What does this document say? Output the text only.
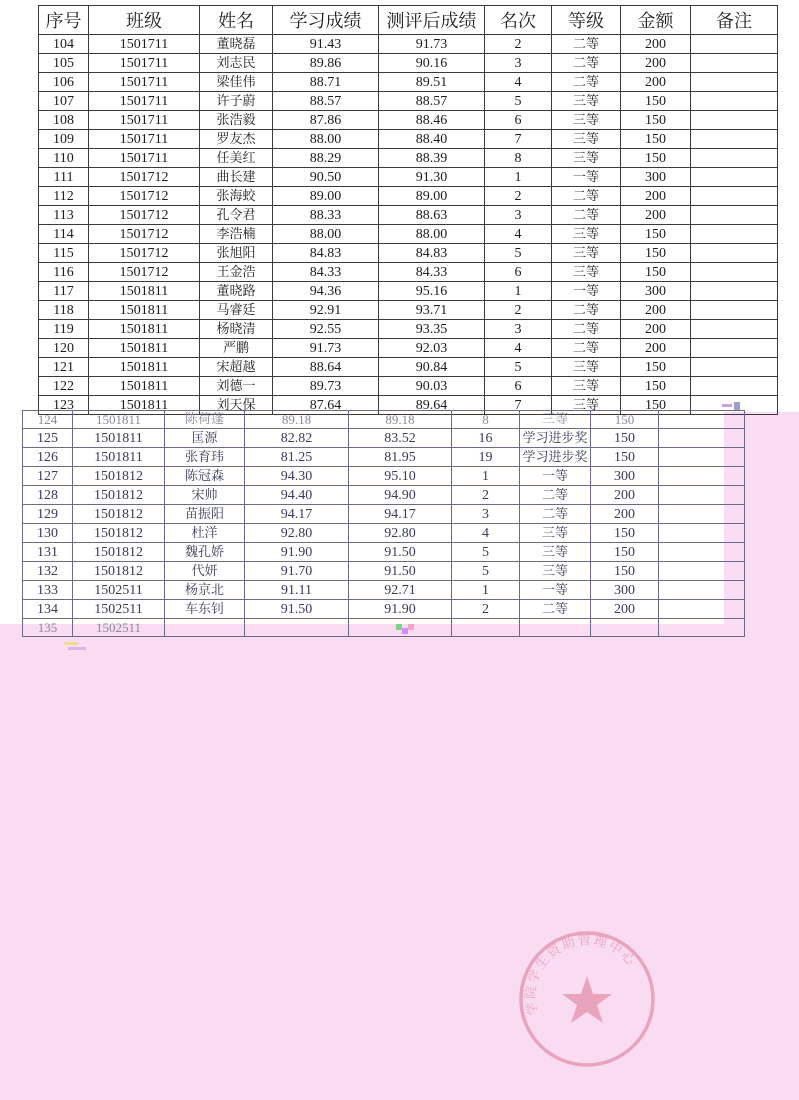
序号	班级	姓名	学习成绩	测评后成绩	名次	等级	金额	备注
104	1501711	董晓磊	91.43	91.73	2	二等	200	
105	1501711	刘志民	89.86	90.16	3	二等	200	
106	1501711	梁佳伟	88.71	89.51	4	二等	200	
107	1501711	许子蔚	88.57	88.57	5	三等	150	
108	1501711	张浩毅	87.86	88.46	6	三等	150	
109	1501711	罗友杰	88.00	88.40	7	三等	150	
110	1501711	任美红	88.29	88.39	8	三等	150	
111	1501712	曲长建	90.50	91.30	1	一等	300	
112	1501712	张海蛟	89.00	89.00	2	二等	200	
113	1501712	孔令君	88.33	88.63	3	二等	200	
114	1501712	李浩楠	88.00	88.00	4	三等	150	
115	1501712	张旭阳	84.83	84.83	5	三等	150	
116	1501712	王金浩	84.33	84.33	6	三等	150	
117	1501811	董晓路	94.36	95.16	1	一等	300	
118	1501811	马睿廷	92.91	93.71	2	二等	200	
119	1501811	杨晓清	92.55	93.35	3	二等	200	
120	1501811	严鹏	91.73	92.03	4	二等	200	
121	1501811	宋超越	88.64	90.84	5	三等	150	
122	1501811	刘德一	89.73	90.03	6	三等	150	
123	1501811	刘天保	87.64	89.64	7	三等	150	
124	1501811	陈荷蓬	89.18	89.18	8	三等	150	
125	1501811	匡源	82.82	83.52	16	学习进步奖	150	
126	1501811	张育玮	81.25	81.95	19	学习进步奖	150	
127	1501812	陈冠森	94.30	95.10	1	一等	300	
128	1501812	宋帅	94.40	94.90	2	二等	200	
129	1501812	苗振阳	94.17	94.17	3	二等	200	
130	1501812	杜洋	92.80	92.80	4	三等	150	
131	1501812	魏孔娇	91.90	91.50	5	三等	150	
132	1501812	代妍	91.70	91.50	5	三等	150	
133	1502511	杨京北	91.11	92.71	1	一等	300	
134	1502511	车东钊	91.50	91.90	2	二等	200	
135	1502511							
学院学生资助管理中心
